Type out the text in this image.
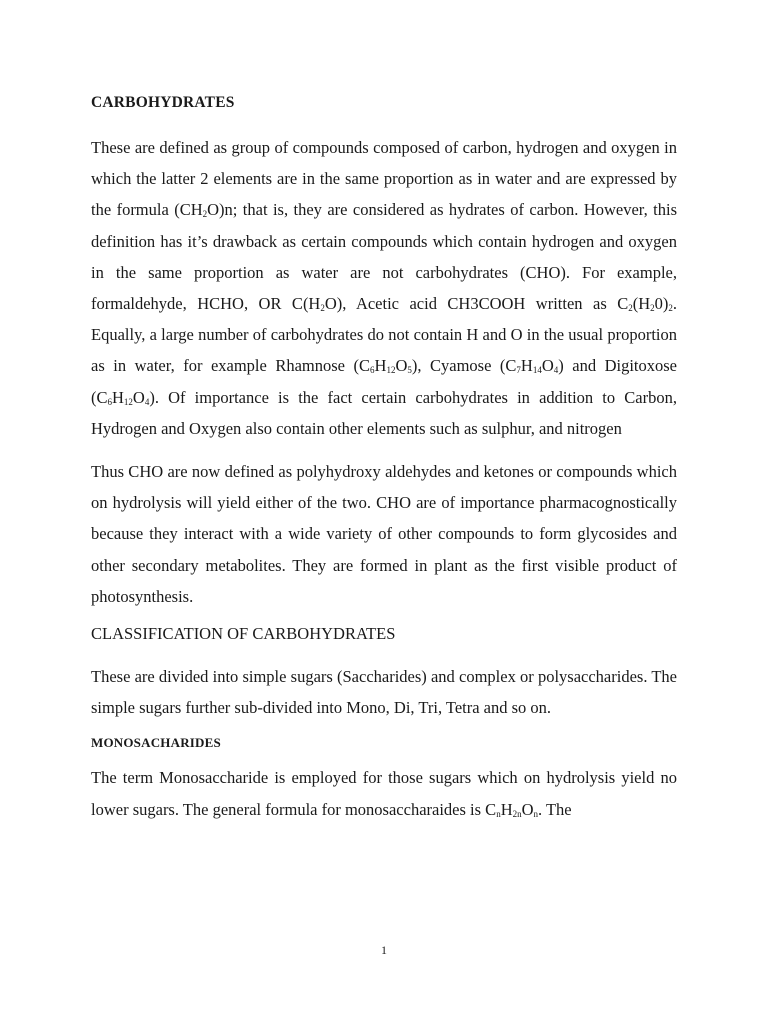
CARBOHYDRATES

These are defined as group of compounds composed of carbon, hydrogen and oxygen in which the latter 2 elements are in the same proportion as in water and are expressed by the formula $(CH_2O)n$; that is, they are considered as hydrates of carbon. However, this definition has it’s drawback as certain compounds which contain hydrogen and oxygen in the same proportion as water are not carbohydrates (CHO). For example, formaldehyde, HCHO, OR $C(H_2O)$, Acetic acid CH3COOH written as $C_2(H_20)_2$. Equally, a large number of carbohydrates do not contain H and O in the usual proportion as in water, for example Rhamnose $(C_6H_{12}O_5)$, Cyamose $(C_7H_{14}O_4)$ and Digitoxose $(C_6H_{12}O_4)$. Of importance is the fact certain carbohydrates in addition to Carbon, Hydrogen and Oxygen also contain other elements such as sulphur, and nitrogen

Thus CHO are now defined as polyhydroxy aldehydes and ketones or compounds which on hydrolysis will yield either of the two. CHO are of importance pharmacognostically because they interact with a wide variety of other compounds to form glycosides and other secondary metabolites. They are formed in plant as the first visible product of photosynthesis.

CLASSIFICATION OF CARBOHYDRATES

These are divided into simple sugars (Saccharides) and complex or polysaccharides. The simple sugars further sub-divided into Mono, Di, Tri, Tetra and so on.

MONOSACHARIDES

The term Monosaccharide is employed for those sugars which on hydrolysis yield no lower sugars. The general formula for monosaccharaides is $C_nH_{2n}O_n$. The

1
